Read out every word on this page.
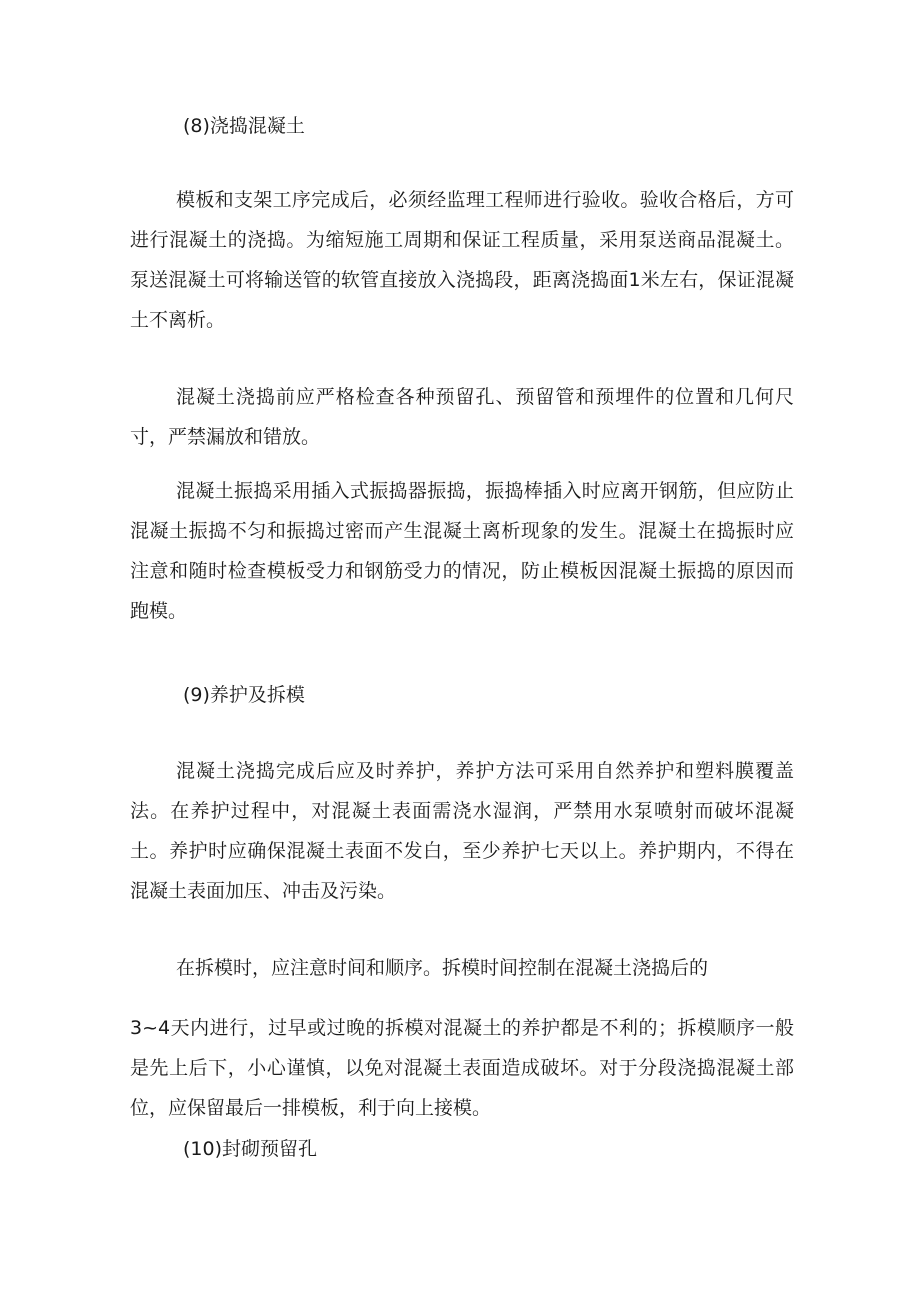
(8)浇捣混凝土

模板和支架工序完成后，必须经监理工程师进行验收。验收合格后，方可进行混凝土的浇捣。为缩短施工周期和保证工程质量，采用泵送商品混凝土。泵送混凝土可将输送管的软管直接放入浇捣段，距离浇捣面1米左右，保证混凝土不离析。

混凝土浇捣前应严格检查各种预留孔、预留管和预埋件的位置和几何尺寸，严禁漏放和错放。

混凝土振捣采用插入式振捣器振捣，振捣棒插入时应离开钢筋，但应防止混凝土振捣不匀和振捣过密而产生混凝土离析现象的发生。混凝土在捣振时应注意和随时检查模板受力和钢筋受力的情况，防止模板因混凝土振捣的原因而跑模。

(9)养护及拆模

混凝土浇捣完成后应及时养护，养护方法可采用自然养护和塑料膜覆盖法。在养护过程中，对混凝土表面需浇水湿润，严禁用水泵喷射而破坏混凝土。养护时应确保混凝土表面不发白，至少养护七天以上。养护期内，不得在混凝土表面加压、冲击及污染。

在拆模时，应注意时间和顺序。拆模时间控制在混凝土浇捣后的

3~4天内进行，过早或过晚的拆模对混凝土的养护都是不利的；拆模顺序一般是先上后下，小心谨慎，以免对混凝土表面造成破坏。对于分段浇捣混凝土部位，应保留最后一排模板，利于向上接模。

(10)封砌预留孔
